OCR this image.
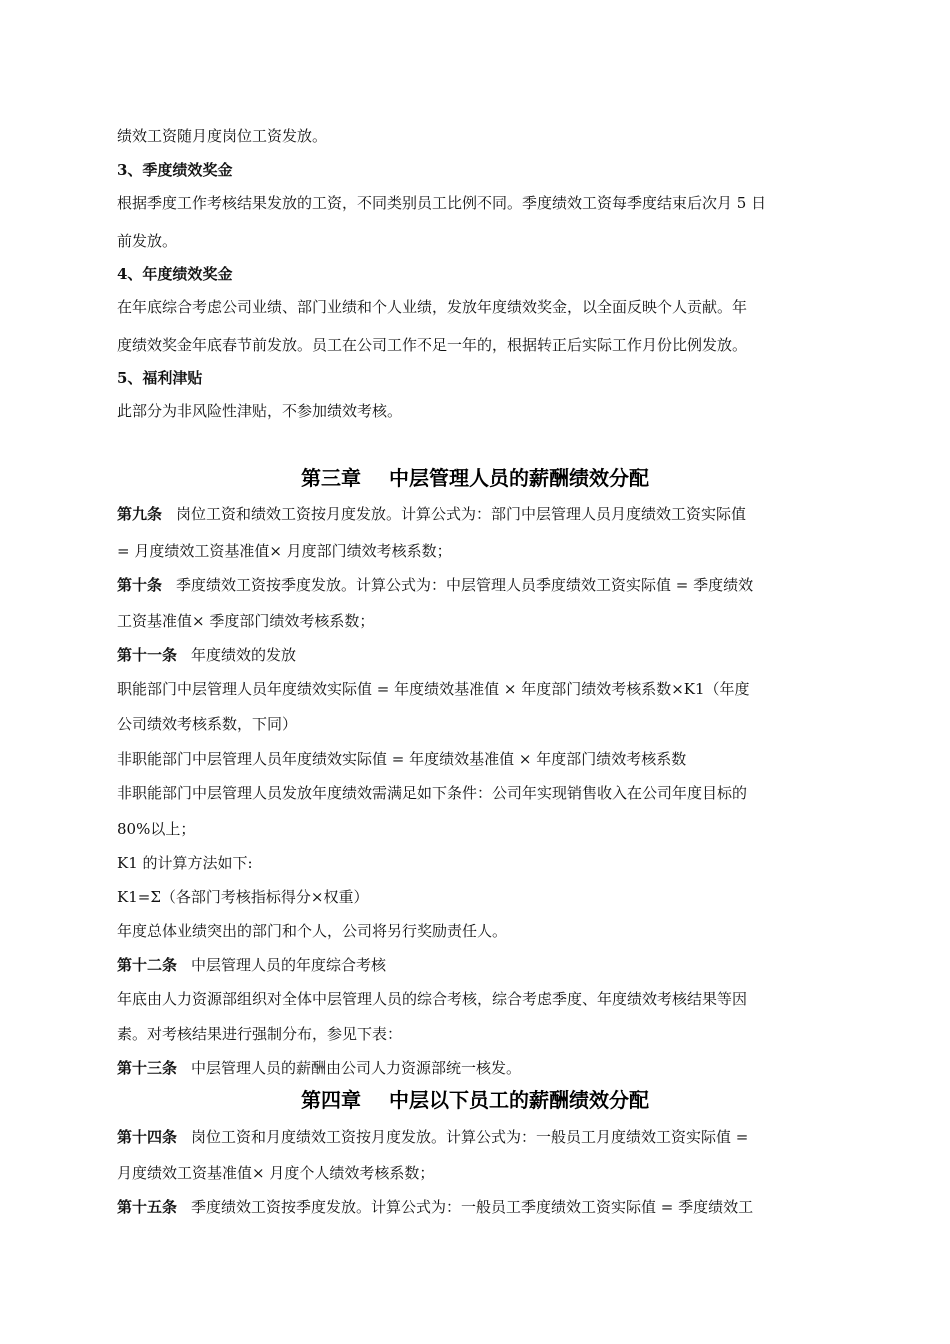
绩效工资随月度岗位工资发放。

3、季度绩效奖金

根据季度工作考核结果发放的工资，不同类别员工比例不同。季度绩效工资每季度结束后次月 5 日

前发放。

4、年度绩效奖金

在年底综合考虑公司业绩、部门业绩和个人业绩，发放年度绩效奖金，以全面反映个人贡献。年

度绩效奖金年底春节前发放。员工在公司工作不足一年的，根据转正后实际工作月份比例发放。

5、福利津贴

此部分为非风险性津贴，不参加绩效考核。

第三章 中层管理人员的薪酬绩效分配

第九条 岗位工资和绩效工资按月度发放。计算公式为：部门中层管理人员月度绩效工资实际值

= 月度绩效工资基准值× 月度部门绩效考核系数；

第十条 季度绩效工资按季度发放。计算公式为：中层管理人员季度绩效工资实际值 = 季度绩效

工资基准值× 季度部门绩效考核系数；

第十一条 年度绩效的发放

职能部门中层管理人员年度绩效实际值 = 年度绩效基准值 × 年度部门绩效考核系数×K1（年度

公司绩效考核系数，下同）

非职能部门中层管理人员年度绩效实际值 = 年度绩效基准值 × 年度部门绩效考核系数

非职能部门中层管理人员发放年度绩效需满足如下条件：公司年实现销售收入在公司年度目标的

80%以上；

K1 的计算方法如下:

K1=Σ（各部门考核指标得分×权重）

年度总体业绩突出的部门和个人，公司将另行奖励责任人。

第十二条 中层管理人员的年度综合考核

年底由人力资源部组织对全体中层管理人员的综合考核，综合考虑季度、年度绩效考核结果等因

素。对考核结果进行强制分布，参见下表：

第十三条 中层管理人员的薪酬由公司人力资源部统一核发。

第四章 中层以下员工的薪酬绩效分配

第十四条 岗位工资和月度绩效工资按月度发放。计算公式为：一般员工月度绩效工资实际值 =

月度绩效工资基准值× 月度个人绩效考核系数；

第十五条 季度绩效工资按季度发放。计算公式为：一般员工季度绩效工资实际值 = 季度绩效工
